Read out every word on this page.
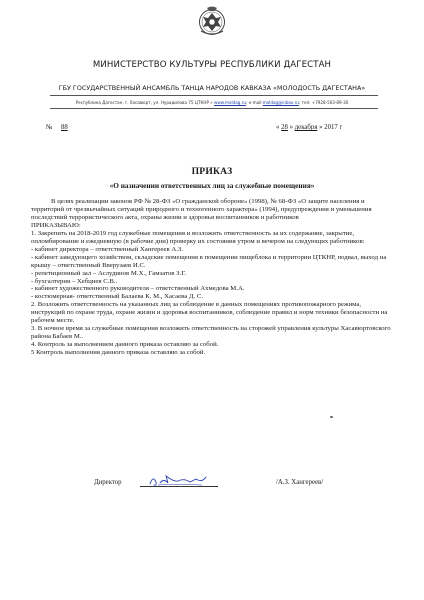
МИНИСТЕРСТВО КУЛЬТУРЫ РЕСПУБЛИКИ ДАГЕСТАН
ГБУ ГОСУДАРСТВЕННЫЙ АНСАМБЛЬ ТАНЦА НАРОДОВ КАВКАЗА «МОЛОДОСТЬ ДАГЕСТАНА»
Республика Дагестан, г. Хасавюрт, ул. Нурадилова 75 ЦТКНР » www.moldag.ru; e-mail:moldag@inbox.ru; тел: +7928-503-89-30
№ 88	« 28 » декабря » 2017 г
ПРИКАЗ
«О назначении ответственных лиц за служебные помещения»

В целях реализации законов РФ № 28-ФЗ «О гражданской обороне» (1998), № 68-ФЗ «О защите населения и территорий от чрезвычайных ситуаций природного и техногенного характера» (1994), предупреждения и уменьшения последствий террористического акта, охраны жизни и здоровья воспитанников и работников

ПРИКАЗЫВАЮ:

1. Закрепить на 2018-2019 год служебные помещения и возложить ответственность за их содержание, закрытие, опломбирование и ежедневную (в рабочие дни) проверку их состояния утром и вечером на следующих работников:

- кабинет директора – ответственный Хангереев А.З.

- кабинет заведующего хозяйством, складские помещения в помещении пищеблока и территории ЦТКНР, подвал, выход на крышу – ответственный Вверузаев И.С.

- репетиционный зал – Аслудинов М.Х., Гамзатов З.Г.

- бухгалтерия – Хебциев С.В..

- кабинет художественного руководителя – ответственный Ахмедова М.А.

- костюмерная- ответственный Балаева К. М., Хасаева Д. С.

2. Возложить ответственность на указанных лиц за соблюдение в данных помещениях противопожарного режима, инструкций по охране труда, охране жизни и здоровья воспитанников, соблюдение правил и норм техники безопасности на рабочем месте.

3. В ночное время за служебные помещения возложить ответственность на сторожей управления культуры Хасавюртовского района Бабаев М..

4. Контроль за выполнением данного приказа оставляю за собой.

5 Контроль выполнения данного приказа оставляю за собой.

Директор	/А.З. Хангереев/
